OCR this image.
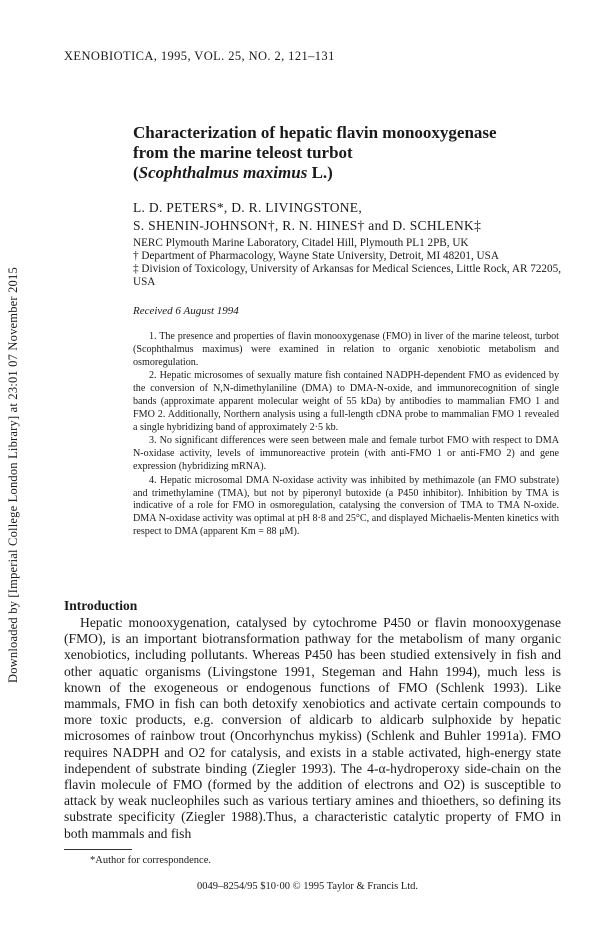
XENOBIOTICA, 1995, VOL. 25, NO. 2, 121–131
Characterization of hepatic flavin monooxygenase
from the marine teleost turbot
(Scophthalmus maximus L.)
L. D. PETERS*, D. R. LIVINGSTONE,
S. SHENIN-JOHNSON†, R. N. HINES† and D. SCHLENK‡
NERC Plymouth Marine Laboratory, Citadel Hill, Plymouth PL1 2PB, UK
† Department of Pharmacology, Wayne State University, Detroit, MI 48201, USA
‡ Division of Toxicology, University of Arkansas for Medical Sciences, Little Rock, AR 72205, USA
Received 6 August 1994

1. The presence and properties of flavin monooxygenase (FMO) in liver of the marine teleost, turbot (Scophthalmus maximus) were examined in relation to organic xenobiotic metabolism and osmoregulation.

2. Hepatic microsomes of sexually mature fish contained NADPH-dependent FMO as evidenced by the conversion of N,N-dimethylaniline (DMA) to DMA-N-oxide, and immunorecognition of single bands (approximate apparent molecular weight of 55 kDa) by antibodies to mammalian FMO 1 and FMO 2. Additionally, Northern analysis using a full-length cDNA probe to mammalian FMO 1 revealed a single hybridizing band of approximately 2·5 kb.

3. No significant differences were seen between male and female turbot FMO with respect to DMA N-oxidase activity, levels of immunoreactive protein (with anti-FMO 1 or anti-FMO 2) and gene expression (hybridizing mRNA).

4. Hepatic microsomal DMA N-oxidase activity was inhibited by methimazole (an FMO substrate) and trimethylamine (TMA), but not by piperonyl butoxide (a P450 inhibitor). Inhibition by TMA is indicative of a role for FMO in osmoregulation, catalysing the conversion of TMA to TMA N-oxide. DMA N-oxidase activity was optimal at pH 8·8 and 25°C, and displayed Michaelis-Menten kinetics with respect to DMA (apparent Km = 88 μM).

Introduction

Hepatic monooxygenation, catalysed by cytochrome P450 or flavin monooxygenase (FMO), is an important biotransformation pathway for the metabolism of many organic xenobiotics, including pollutants. Whereas P450 has been studied extensively in fish and other aquatic organisms (Livingstone 1991, Stegeman and Hahn 1994), much less is known of the exogeneous or endogenous functions of FMO (Schlenk 1993). Like mammals, FMO in fish can both detoxify xenobiotics and activate certain compounds to more toxic products, e.g. conversion of aldicarb to aldicarb sulphoxide by hepatic microsomes of rainbow trout (Oncorhynchus mykiss) (Schlenk and Buhler 1991a). FMO requires NADPH and O2 for catalysis, and exists in a stable activated, high-energy state independent of substrate binding (Ziegler 1993). The 4-α-hydroperoxy side-chain on the flavin molecule of FMO (formed by the addition of electrons and O2) is susceptible to attack by weak nucleophiles such as various tertiary amines and thioethers, so defining its substrate specificity (Ziegler 1988).Thus, a characteristic catalytic property of FMO in both mammals and fish

*Author for correspondence.
0049–8254/95 $10·00 © 1995 Taylor & Francis Ltd.
Downloaded by [Imperial College London Library] at 23:01 07 November 2015
